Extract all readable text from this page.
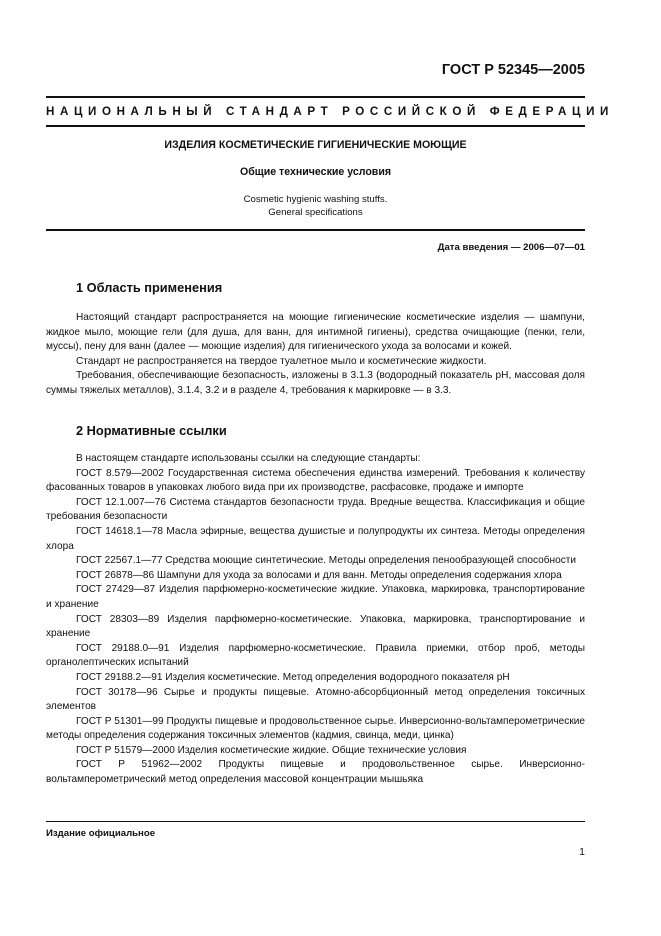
ГОСТ Р 52345—2005
НАЦИОНАЛЬНЫЙ СТАНДАРТ РОССИЙСКОЙ ФЕДЕРАЦИИ
ИЗДЕЛИЯ КОСМЕТИЧЕСКИЕ ГИГИЕНИЧЕСКИЕ МОЮЩИЕ
Общие технические условия
Cosmetic hygienic washing stuffs.
General specifications
Дата введения — 2006—07—01
1 Область применения

Настоящий стандарт распространяется на моющие гигиенические косметические изделия — шампуни, жидкое мыло, моющие гели (для душа, для ванн, для интимной гигиены), средства очищающие (пенки, гели, муссы), пену для ванн (далее — моющие изделия) для гигиенического ухода за волосами и кожей.

Стандарт не распространяется на твердое туалетное мыло и косметические жидкости.

Требования, обеспечивающие безопасность, изложены в 3.1.3 (водородный показатель рН, массовая доля суммы тяжелых металлов), 3.1.4, 3.2 и в разделе 4, требования к маркировке — в 3.3.

2 Нормативные ссылки

В настоящем стандарте использованы ссылки на следующие стандарты:

ГОСТ 8.579—2002 Государственная система обеспечения единства измерений. Требования к количеству фасованных товаров в упаковках любого вида при их производстве, расфасовке, продаже и импорте

ГОСТ 12.1.007—76 Система стандартов безопасности труда. Вредные вещества. Классификация и общие требования безопасности

ГОСТ 14618.1—78 Масла эфирные, вещества душистые и полупродукты их синтеза. Методы определения хлора

ГОСТ 22567.1—77 Средства моющие синтетические. Методы определения пенообразующей способности

ГОСТ 26878—86 Шампуни для ухода за волосами и для ванн. Методы определения содержания хлора

ГОСТ 27429—87 Изделия парфюмерно-косметические жидкие. Упаковка, маркировка, транспортирование и хранение

ГОСТ 28303—89 Изделия парфюмерно-косметические. Упаковка, маркировка, транспортирование и хранение

ГОСТ 29188.0—91 Изделия парфюмерно-косметические. Правила приемки, отбор проб, методы органолептических испытаний

ГОСТ 29188.2—91 Изделия косметические. Метод определения водородного показателя рН

ГОСТ 30178—96 Сырье и продукты пищевые. Атомно-абсорбционный метод определения токсичных элементов

ГОСТ Р 51301—99 Продукты пищевые и продовольственное сырье. Инверсионно-вольтамперометрические методы определения содержания токсичных элементов (кадмия, свинца, меди, цинка)

ГОСТ Р 51579—2000 Изделия косметические жидкие. Общие технические условия

ГОСТ Р 51962—2002 Продукты пищевые и продовольственное сырье. Инверсионно-вольтамперометрический метод определения массовой концентрации мышьяка

Издание официальное
1
